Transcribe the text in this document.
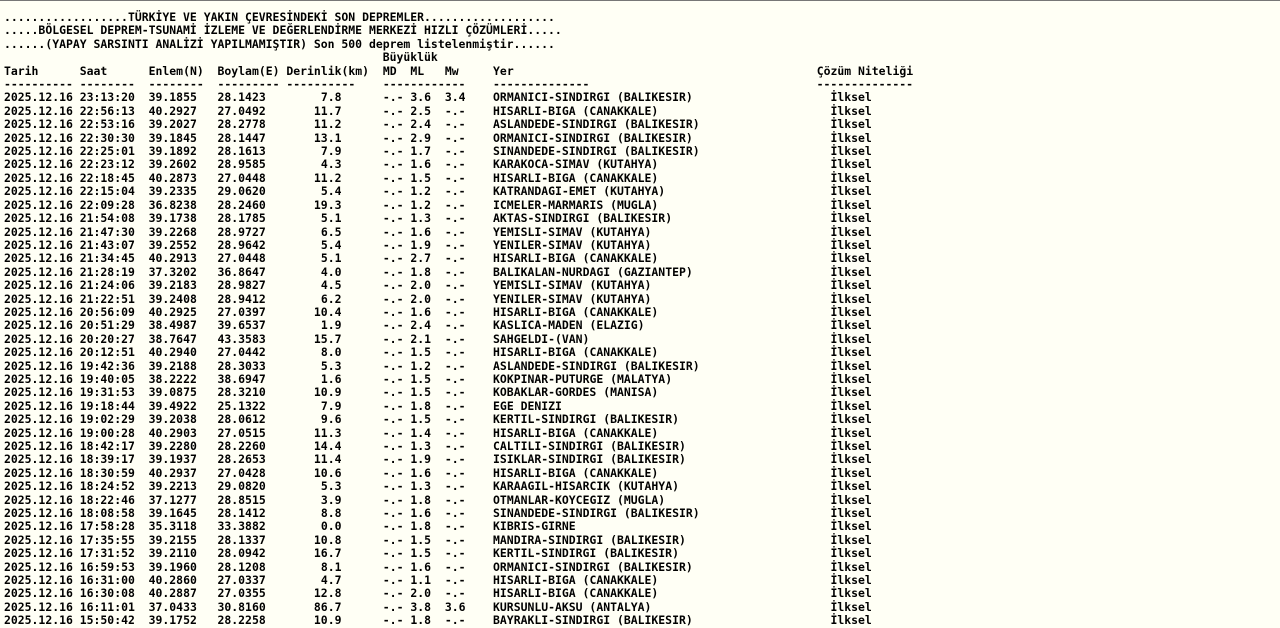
..................TÜRKİYE VE YAKIN ÇEVRESİNDEKİ SON DEPREMLER...................
.....BÖLGESEL DEPREM-TSUNAMİ İZLEME VE DEĞERLENDİRME MERKEZİ HIZLI ÇÖZÜMLERİ.....
......(YAPAY SARSINTI ANALİZİ YAPILMAMIŞTIR) Son 500 deprem listelenmiştir......
Büyüklük
Tarih	Saat	Enlem(N) Boylam(E) Derinlik(km) MD ML Mw	Yer	Çözüm Niteliği
---------- -------- -------- --------- ---------- ------------ --------------	--------------
2025.12.16 23:13:20 39.1855 28.1423	7.8	-.- 3.6 3.4 ORMANICI-SINDIRGI (BALIKESIR)	İlksel
2025.12.16 22:56:13 40.2927 27.0492	11.7	-.- 2.5 -.- HISARLI-BIGA (CANAKKALE)	İlksel
2025.12.16 22:53:16 39.2027 28.2778	11.2	-.- 2.4 -.- ASLANDEDE-SINDIRGI (BALIKESIR)	İlksel
2025.12.16 22:30:30 39.1845 28.1447	13.1	-.- 2.9 -.- ORMANICI-SINDIRGI (BALIKESIR)	İlksel
2025.12.16 22:25:01 39.1892 28.1613	7.9	-.- 1.7 -.- SINANDEDE-SINDIRGI (BALIKESIR)	İlksel
2025.12.16 22:23:12 39.2602 28.9585	4.3	-.- 1.6 -.- KARAKOCA-SIMAV (KUTAHYA)	İlksel
2025.12.16 22:18:45 40.2873 27.0448	11.2	-.- 1.5 -.- HISARLI-BIGA (CANAKKALE)	İlksel
2025.12.16 22:15:04 39.2335 29.0620	5.4	-.- 1.2 -.- KATRANDAGI-EMET (KUTAHYA)	İlksel
2025.12.16 22:09:28 36.8238 28.2460	19.3	-.- 1.2 -.- ICMELER-MARMARIS (MUGLA)	İlksel
2025.12.16 21:54:08 39.1738 28.1785	5.1	-.- 1.3 -.- AKTAS-SINDIRGI (BALIKESIR)	İlksel
2025.12.16 21:47:30 39.2268 28.9727	6.5	-.- 1.6 -.- YEMISLI-SIMAV (KUTAHYA)	İlksel
2025.12.16 21:43:07 39.2552 28.9642	5.4	-.- 1.9 -.- YENILER-SIMAV (KUTAHYA)	İlksel
2025.12.16 21:34:45 40.2913 27.0448	5.1	-.- 2.7 -.- HISARLI-BIGA (CANAKKALE)	İlksel
2025.12.16 21:28:19 37.3202 36.8647	4.0	-.- 1.8 -.- BALIKALAN-NURDAGI (GAZIANTEP)	İlksel
2025.12.16 21:24:06 39.2183 28.9827	4.5	-.- 2.0 -.- YEMISLI-SIMAV (KUTAHYA)	İlksel
2025.12.16 21:22:51 39.2408 28.9412	6.2	-.- 2.0 -.- YENILER-SIMAV (KUTAHYA)	İlksel
2025.12.16 20:56:09 40.2925 27.0397	10.4	-.- 1.6 -.- HISARLI-BIGA (CANAKKALE)	İlksel
2025.12.16 20:51:29 38.4987 39.6537	1.9	-.- 2.4 -.- KASLICA-MADEN (ELAZIG)	İlksel
2025.12.16 20:20:27 38.7647 43.3583	15.7	-.- 2.1 -.- SAHGELDI-(VAN)	İlksel
2025.12.16 20:12:51 40.2940 27.0442	8.0	-.- 1.5 -.- HISARLI-BIGA (CANAKKALE)	İlksel
2025.12.16 19:42:36 39.2188 28.3033	5.3	-.- 1.2 -.- ASLANDEDE-SINDIRGI (BALIKESIR)	İlksel
2025.12.16 19:40:05 38.2222 38.6947	1.6	-.- 1.5 -.- KOKPINAR-PUTURGE (MALATYA)	İlksel
2025.12.16 19:31:53 39.0875 28.3210	10.9	-.- 1.5 -.- KOBAKLAR-GORDES (MANISA)	İlksel
2025.12.16 19:18:44 39.4922 25.1322	7.9	-.- 1.8 -.- EGE DENIZI	İlksel
2025.12.16 19:02:29 39.2038 28.0612	9.6	-.- 1.5 -.- KERTIL-SINDIRGI (BALIKESIR)	İlksel
2025.12.16 19:00:28 40.2903 27.0515	11.3	-.- 1.4 -.- HISARLI-BIGA (CANAKKALE)	İlksel
2025.12.16 18:42:17 39.2280 28.2260	14.4	-.- 1.3 -.- CALTILI-SINDIRGI (BALIKESIR)	İlksel
2025.12.16 18:39:17 39.1937 28.2653	11.4	-.- 1.9 -.- ISIKLAR-SINDIRGI (BALIKESIR)	İlksel
2025.12.16 18:30:59 40.2937 27.0428	10.6	-.- 1.6 -.- HISARLI-BIGA (CANAKKALE)	İlksel
2025.12.16 18:24:52 39.2213 29.0820	5.3	-.- 1.3 -.- KARAAGIL-HISARCIK (KUTAHYA)	İlksel
2025.12.16 18:22:46 37.1277 28.8515	3.9	-.- 1.8 -.- OTMANLAR-KOYCEGIZ (MUGLA)	İlksel
2025.12.16 18:08:58 39.1645 28.1412	8.8	-.- 1.6 -.- SINANDEDE-SINDIRGI (BALIKESIR)	İlksel
2025.12.16 17:58:28 35.3118 33.3882	0.0	-.- 1.8 -.- KIBRIS-GIRNE	İlksel
2025.12.16 17:35:55 39.2155 28.1337	10.8	-.- 1.5 -.- MANDIRA-SINDIRGI (BALIKESIR)	İlksel
2025.12.16 17:31:52 39.2110 28.0942	16.7	-.- 1.5 -.- KERTIL-SINDIRGI (BALIKESIR)	İlksel
2025.12.16 16:59:53 39.1960 28.1208	8.1	-.- 1.6 -.- ORMANICI-SINDIRGI (BALIKESIR)	İlksel
2025.12.16 16:31:00 40.2860 27.0337	4.7	-.- 1.1 -.- HISARLI-BIGA (CANAKKALE)	İlksel
2025.12.16 16:30:08 40.2887 27.0355	12.8	-.- 2.0 -.- HISARLI-BIGA (CANAKKALE)	İlksel
2025.12.16 16:11:01 37.0433 30.8160	86.7	-.- 3.8 3.6 KURSUNLU-AKSU (ANTALYA)	İlksel
2025.12.16 15:50:42 39.1752 28.2258	10.9	-.- 1.8 -.- BAYRAKLI-SINDIRGI (BALIKESIR)	İlksel
